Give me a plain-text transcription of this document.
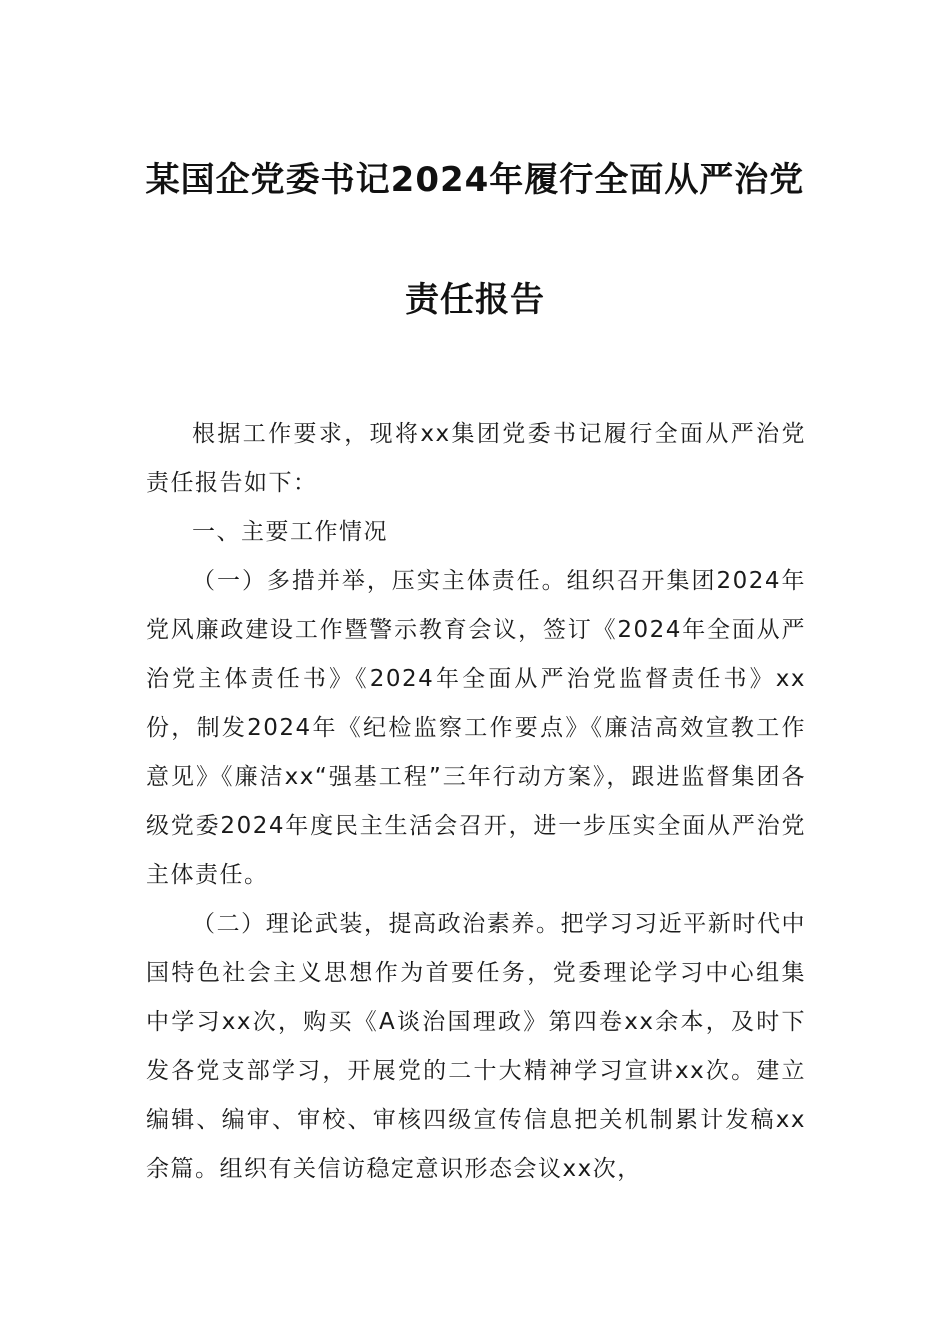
某国企党委书记2024年履行全面从严治党
责任报告

根据工作要求，现将xx集团党委书记履行全面从严治党责任报告如下：

一、主要工作情况

（一）多措并举，压实主体责任。组织召开集团2024年党风廉政建设工作暨警示教育会议，签订《2024年全面从严治党主体责任书》《2024年全面从严治党监督责任书》xx份，制发2024年《纪检监察工作要点》《廉洁高效宣教工作意见》《廉洁xx“强基工程”三年行动方案》，跟进监督集团各级党委2024年度民主生活会召开，进一步压实全面从严治党主体责任。

（二）理论武装，提高政治素养。把学习习近平新时代中国特色社会主义思想作为首要任务，党委理论学习中心组集中学习xx次，购买《A谈治国理政》第四卷xx余本，及时下发各党支部学习，开展党的二十大精神学习宣讲xx次。建立编辑、编审、审校、审核四级宣传信息把关机制累计发稿xx余篇。组织有关信访稳定意识形态会议xx次，
